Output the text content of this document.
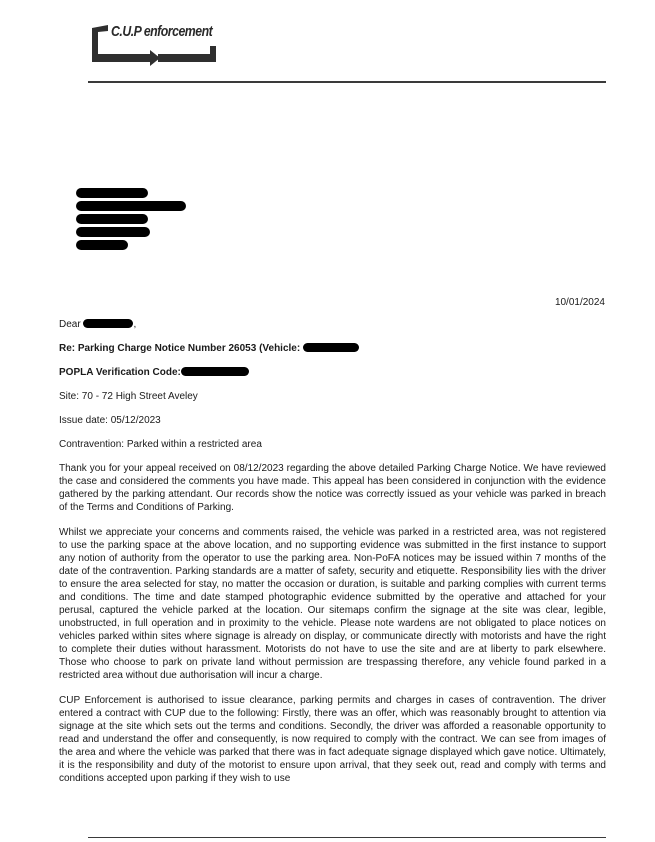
C.U.P enforcement
10/01/2024

Dear	,

Re: Parking Charge Notice Number 26053 (Vehicle:

POPLA Verification Code:

Site: 70 - 72 High Street Aveley

Issue date: 05/12/2023

Contravention: Parked within a restricted area

Thank you for your appeal received on 08/12/2023 regarding the above detailed Parking Charge Notice. We have reviewed the case and considered the comments you have made. This appeal has been considered in conjunction with the evidence gathered by the parking attendant. Our records show the notice was correctly issued as your vehicle was parked in breach of the Terms and Conditions of Parking.

Whilst we appreciate your concerns and comments raised, the vehicle was parked in a restricted area, was not registered to use the parking space at the above location, and no supporting evidence was submitted in the first instance to support any notion of authority from the operator to use the parking area. Non-PoFA notices may be issued within 7 months of the date of the contravention. Parking standards are a matter of safety, security and etiquette. Responsibility lies with the driver to ensure the area selected for stay, no matter the occasion or duration, is suitable and parking complies with current terms and conditions. The time and date stamped photographic evidence submitted by the operative and attached for your perusal, captured the vehicle parked at the location. Our sitemaps confirm the signage at the site was clear, legible, unobstructed, in full operation and in proximity to the vehicle. Please note wardens are not obligated to place notices on vehicles parked within sites where signage is already on display, or communicate directly with motorists and have the right to complete their duties without harassment. Motorists do not have to use the site and are at liberty to park elsewhere. Those who choose to park on private land without permission are trespassing therefore, any vehicle found parked in a restricted area without due authorisation will incur a charge.

CUP Enforcement is authorised to issue clearance, parking permits and charges in cases of contravention. The driver entered a contract with CUP due to the following: Firstly, there was an offer, which was reasonably brought to attention via signage at the site which sets out the terms and conditions. Secondly, the driver was afforded a reasonable opportunity to read and understand the offer and consequently, is now required to comply with the contract. We can see from images of the area and where the vehicle was parked that there was in fact adequate signage displayed which gave notice. Ultimately, it is the responsibility and duty of the motorist to ensure upon arrival, that they seek out, read and comply with terms and conditions accepted upon parking if they wish to use
